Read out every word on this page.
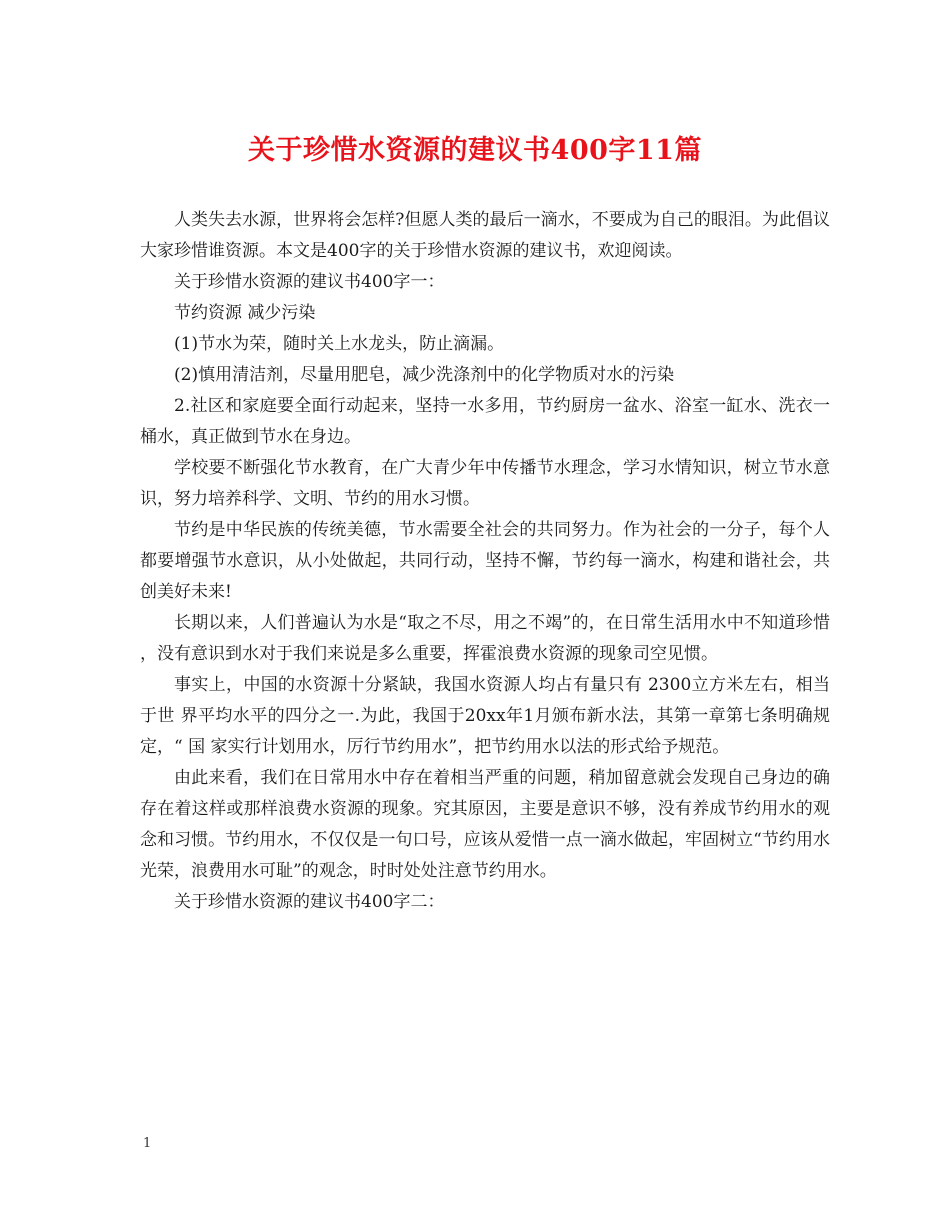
关于珍惜水资源的建议书400字11篇

人类失去水源，世界将会怎样?但愿人类的最后一滴水，不要成为自己的眼泪。为此倡议大家珍惜谁资源。本文是400字的关于珍惜水资源的建议书，欢迎阅读。

关于珍惜水资源的建议书400字一：

节约资源 减少污染

(1)节水为荣，随时关上水龙头，防止滴漏。

(2)慎用清洁剂，尽量用肥皂，减少洗涤剂中的化学物质对水的污染

2.社区和家庭要全面行动起来，坚持一水多用，节约厨房一盆水、浴室一缸水、洗衣一桶水，真正做到节水在身边。

学校要不断强化节水教育，在广大青少年中传播节水理念，学习水情知识，树立节水意识，努力培养科学、文明、节约的用水习惯。

节约是中华民族的传统美德，节水需要全社会的共同努力。作为社会的一分子，每个人都要增强节水意识，从小处做起，共同行动，坚持不懈，节约每一滴水，构建和谐社会，共创美好未来!

长期以来，人们普遍认为水是“取之不尽，用之不竭”的，在日常生活用水中不知道珍惜 ，没有意识到水对于我们来说是多么重要，挥霍浪费水资源的现象司空见惯。

事实上，中国的水资源十分紧缺，我国水资源人均占有量只有 2300立方米左右，相当于世 界平均水平的四分之一.为此，我国于20xx年1月颁布新水法，其第一章第七条明确规定，“ 国 家实行计划用水，厉行节约用水”，把节约用水以法的形式给予规范。

由此来看，我们在日常用水中存在着相当严重的问题，稍加留意就会发现自己身边的确存在着这样或那样浪费水资源的现象。究其原因，主要是意识不够，没有养成节约用水的观念和习惯。节约用水，不仅仅是一句口号，应该从爱惜一点一滴水做起，牢固树立“节约用水光荣，浪费用水可耻”的观念，时时处处注意节约用水。

关于珍惜水资源的建议书400字二：

1
